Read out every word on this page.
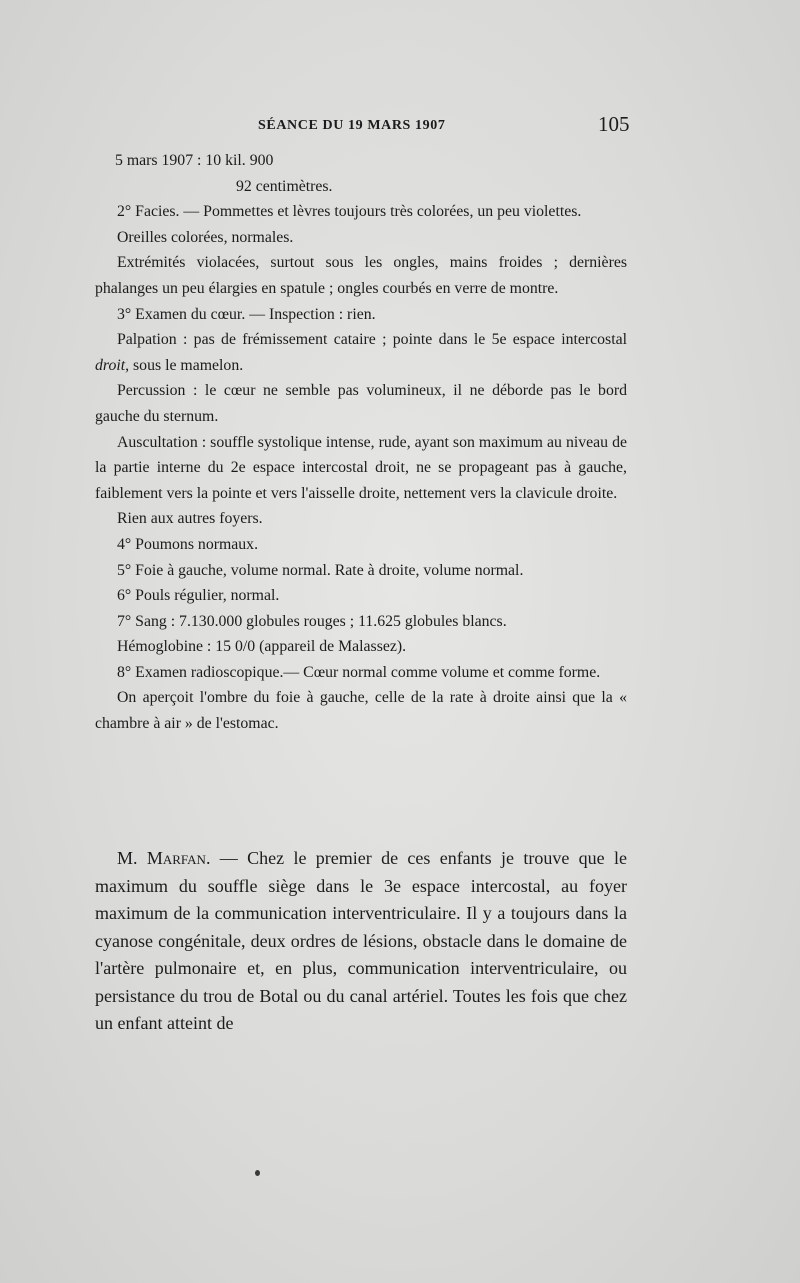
SÉANCE DU 19 MARS 1907	105

5 mars 1907 : 10 kil. 900

92 centimètres.

2° Facies. — Pommettes et lèvres toujours très colorées, un peu violettes.

Oreilles colorées, normales.

Extrémités violacées, surtout sous les ongles, mains froides ; dernières phalanges un peu élargies en spatule ; ongles courbés en verre de montre.

3° Examen du cœur. — Inspection : rien.

Palpation : pas de frémissement cataire ; pointe dans le 5e espace intercostal droit, sous le mamelon.

Percussion : le cœur ne semble pas volumineux, il ne déborde pas le bord gauche du sternum.

Auscultation : souffle systolique intense, rude, ayant son maximum au niveau de la partie interne du 2e espace intercostal droit, ne se propageant pas à gauche, faiblement vers la pointe et vers l'aisselle droite, nettement vers la clavicule droite.

Rien aux autres foyers.

4° Poumons normaux.

5° Foie à gauche, volume normal. Rate à droite, volume normal.

6° Pouls régulier, normal.

7° Sang : 7.130.000 globules rouges ; 11.625 globules blancs.

Hémoglobine : 15 0/0 (appareil de Malassez).

8° Examen radioscopique.— Cœur normal comme volume et comme forme.

On aperçoit l'ombre du foie à gauche, celle de la rate à droite ainsi que la « chambre à air » de l'estomac.

M. Marfan. — Chez le premier de ces enfants je trouve que le maximum du souffle siège dans le 3e espace intercostal, au foyer maximum de la communication interventriculaire. Il y a toujours dans la cyanose congénitale, deux ordres de lésions, obstacle dans le domaine de l'artère pulmonaire et, en plus, communication interventriculaire, ou persistance du trou de Botal ou du canal artériel. Toutes les fois que chez un enfant atteint de
